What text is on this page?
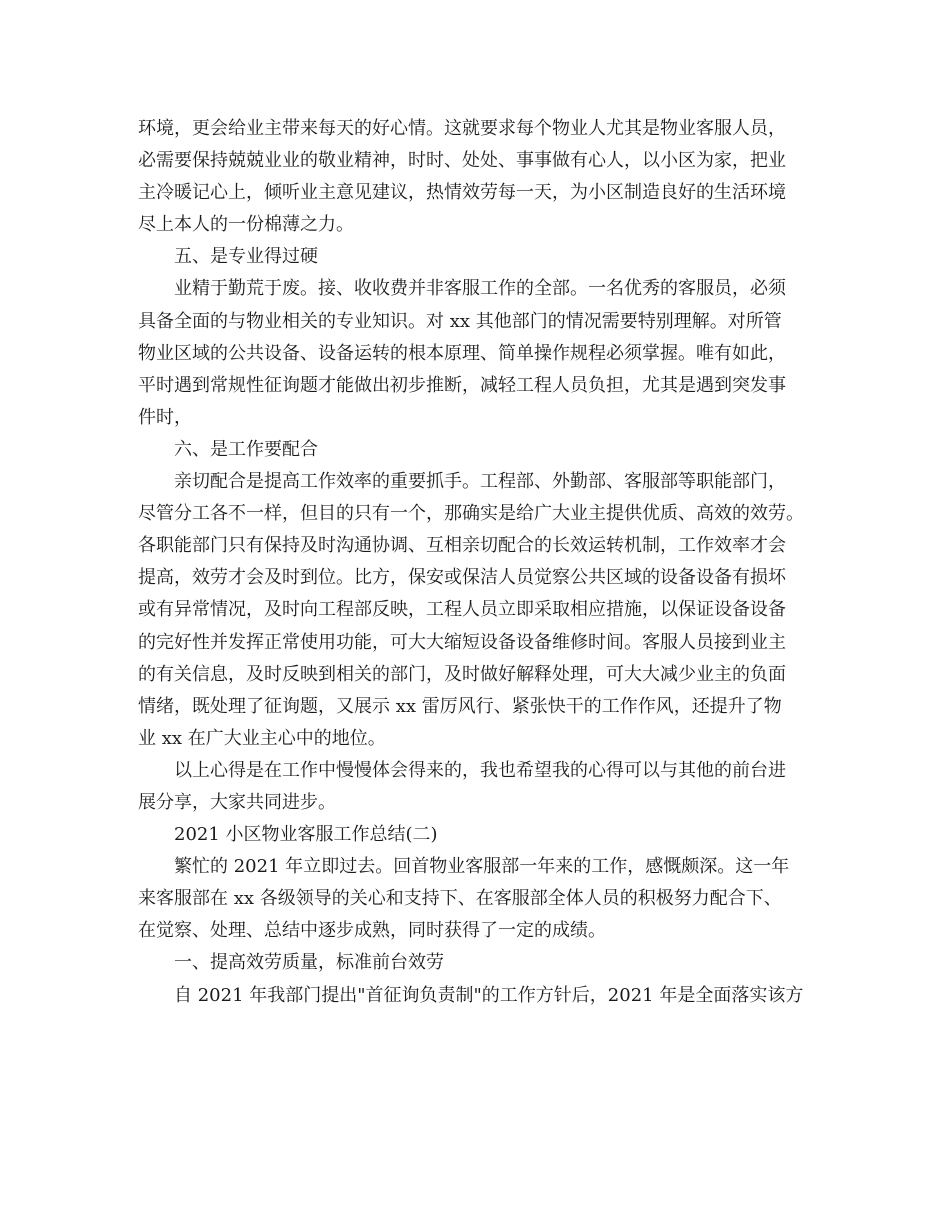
环境，更会给业主带来每天的好心情。这就要求每个物业人尤其是物业客服人员，
必需要保持兢兢业业的敬业精神，时时、处处、事事做有心人，以小区为家，把业
主冷暖记心上，倾听业主意见建议，热情效劳每一天，为小区制造良好的生活环境
尽上本人的一份棉薄之力。
五、是专业得过硬
业精于勤荒于废。接、收收费并非客服工作的全部。一名优秀的客服员，必须
具备全面的与物业相关的专业知识。对 xx 其他部门的情况需要特别理解。对所管
物业区域的公共设备、设备运转的根本原理、简单操作规程必须掌握。唯有如此，
平时遇到常规性征询题才能做出初步推断，减轻工程人员负担，尤其是遇到突发事
件时，
六、是工作要配合
亲切配合是提高工作效率的重要抓手。工程部、外勤部、客服部等职能部门，
尽管分工各不一样，但目的只有一个，那确实是给广大业主提供优质、高效的效劳。
各职能部门只有保持及时沟通协调、互相亲切配合的长效运转机制，工作效率才会
提高，效劳才会及时到位。比方，保安或保洁人员觉察公共区域的设备设备有损坏
或有异常情况，及时向工程部反映，工程人员立即采取相应措施，以保证设备设备
的完好性并发挥正常使用功能，可大大缩短设备设备维修时间。客服人员接到业主
的有关信息，及时反映到相关的部门，及时做好解释处理，可大大减少业主的负面
情绪，既处理了征询题，又展示 xx 雷厉风行、紧张快干的工作作风，还提升了物
业 xx 在广大业主心中的地位。
以上心得是在工作中慢慢体会得来的，我也希望我的心得可以与其他的前台进
展分享，大家共同进步。
2021 小区物业客服工作总结(二)
繁忙的 2021 年立即过去。回首物业客服部一年来的工作，感慨颇深。这一年
来客服部在 xx 各级领导的关心和支持下、在客服部全体人员的积极努力配合下、
在觉察、处理、总结中逐步成熟，同时获得了一定的成绩。
一、提高效劳质量，标准前台效劳
自 2021 年我部门提出"首征询负责制"的工作方针后，2021 年是全面落实该方
